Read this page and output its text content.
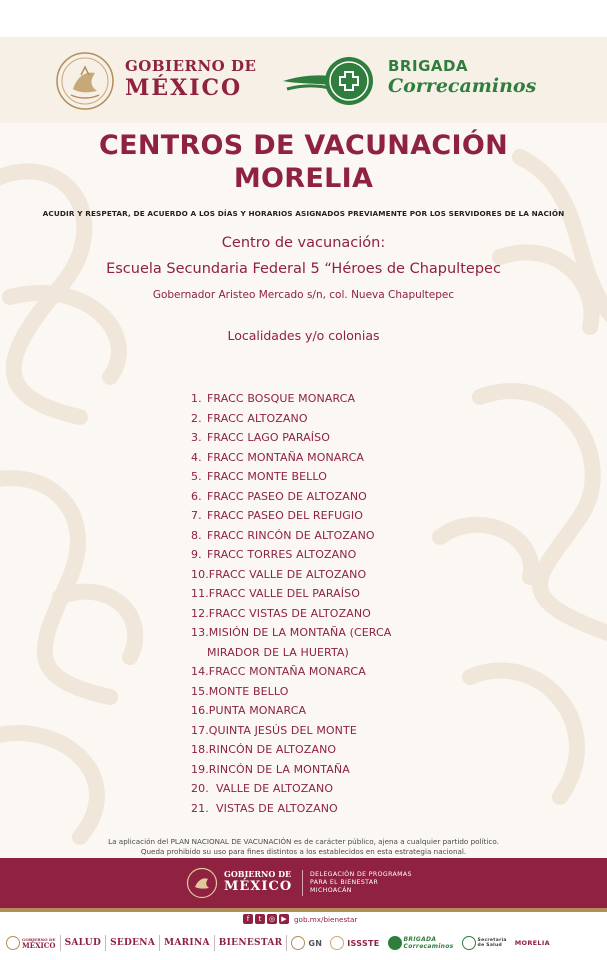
GOBIERNO DE
MÉXICO
BRIGADA
Correcaminos
CENTROS DE VACUNACIÓN
MORELIA
ACUDIR Y RESPETAR, DE ACUERDO A LOS DÍAS Y HORARIOS ASIGNADOS PREVIAMENTE POR LOS SERVIDORES DE LA NACIÓN
Centro de vacunación:
Escuela Secundaria Federal 5 “Héroes de Chapultepec
Gobernador Aristeo Mercado s/n, col. Nueva Chapultepec
Localidades y/o colonias
1. FRACC BOSQUE MONARCA
2. FRACC ALTOZANO
3. FRACC LAGO PARAÍSO
4. FRACC MONTAÑA MONARCA
5. FRACC MONTE BELLO
6. FRACC PASEO DE ALTOZANO
7. FRACC PASEO DEL REFUGIO
8. FRACC RINCÓN DE ALTOZANO
9. FRACC TORRES ALTOZANO
10.FRACC VALLE DE ALTOZANO
11.FRACC VALLE DEL PARAÍSO
12.FRACC VISTAS DE ALTOZANO
13.MISIÓN DE LA MONTAÑA (CERCA
MIRADOR DE LA HUERTA)
14.FRACC MONTAÑA MONARCA
15.MONTE BELLO
16.PUNTA MONARCA
17.QUINTA JESÚS DEL MONTE
18.RINCÓN DE ALTOZANO
19.RINCÓN DE LA MONTAÑA
20.  VALLE DE ALTOZANO
21.  VISTAS DE ALTOZANO
La aplicación del PLAN NACIONAL DE VACUNACIÓN es de carácter público, ajena a cualquier partido político.
Queda prohibido su uso para fines distintos a los establecidos en esta estrategia nacional.
GOBIERNO DE
MÉXICO
DELEGACIÓN DE PROGRAMAS
PARA EL BIENESTAR
MICHOACÁN
f	t	◎ ▶	gob.mx/bienestar
GOBIERNO DE
MÉXICO	SALUD	SEDENA	MARINA	BIENESTAR	GN	ISSSTE	BRIGADA
Correcaminos
Secretaría
de Salud	MORELIA
